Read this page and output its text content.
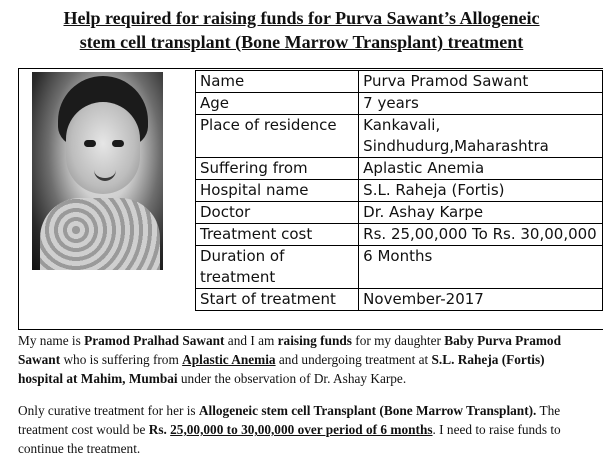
Help required for raising funds for Purva Sawant’s Allogeneic
stem cell transplant (Bone Marrow Transplant) treatment
Name	Purva Pramod Sawant
Age	7 years
Place of residence	Kankavali, Sindhudurg,Maharashtra
Suffering from	Aplastic Anemia
Hospital name	S.L. Raheja (Fortis)
Doctor	Dr. Ashay Karpe
Treatment cost	Rs. 25,00,000 To Rs. 30,00,000
Duration of treatment	6 Months
Start of treatment	November-2017
My name is Pramod Pralhad Sawant and I am raising funds for my daughter Baby Purva Pramod Sawant who is suffering from Aplastic Anemia and undergoing treatment at S.L. Raheja (Fortis) hospital at Mahim, Mumbai under the observation of Dr. Ashay Karpe.
Only curative treatment for her is Allogeneic stem cell Transplant (Bone Marrow Transplant). The treatment cost would be Rs. 25,00,000 to 30,00,000 over period of 6 months. I need to raise funds to continue the treatment.
